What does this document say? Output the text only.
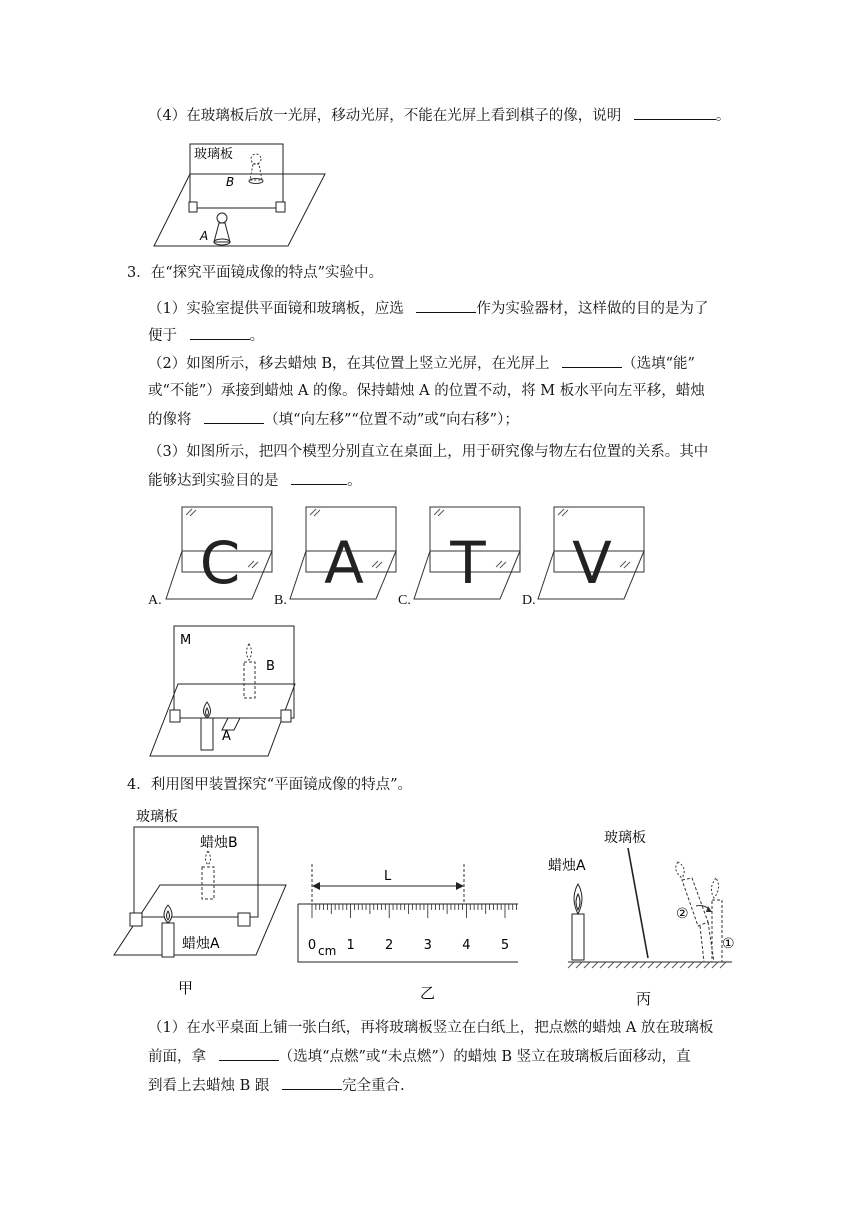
（4）在玻璃板后放一光屏，移动光屏，不能在光屏上看到棋子的像，说明	。
玻璃板
B
A
3．在“探究平面镜成像的特点”实验中。
（1）实验室提供平面镜和玻璃板，应选	作为实验器材，这样做的目的是为了
便于	。
（2）如图所示，移去蜡烛 B，在其位置上竖立光屏，在光屏上	（选填“能”
或“不能”）承接到蜡烛 A 的像。保持蜡烛 A 的位置不动，将 M 板水平向左平移，蜡烛
的像将	（填“向左移”“位置不动”或“向右移”）；
（3）如图所示，把四个模型分别直立在桌面上，用于研究像与物左右位置的关系。其中
能够达到实验目的是	。
A.
C
B.
A
C.
T
D.
V
M
B
A
4．利用图甲装置探究“平面镜成像的特点”。
玻璃板
蜡烛B
蜡烛A
甲
L
0 1 2 3 4 5
cm
乙
玻璃板
蜡烛A
②
①
丙
（1）在水平桌面上铺一张白纸，再将玻璃板竖立在白纸上，把点燃的蜡烛 A 放在玻璃板
前面，拿	（选填“点燃”或“未点燃”）的蜡烛 B 竖立在玻璃板后面移动，直
到看上去蜡烛 B 跟	完全重合.
